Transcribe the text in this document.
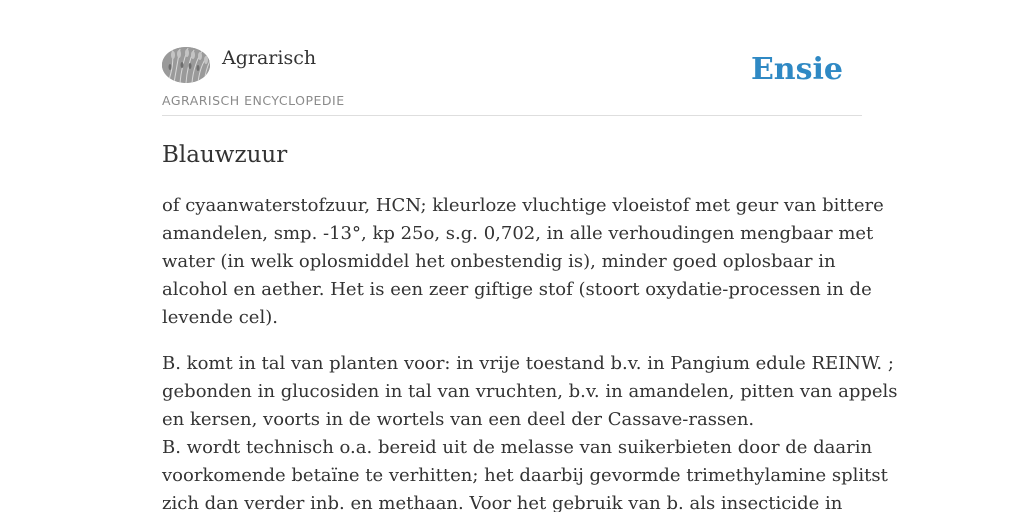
Agrarisch
AGRARISCH ENCYCLOPEDIE
Ensie
Blauwzuur

of cyaanwaterstofzuur, HCN; kleurloze vluchtige vloeistof met geur van bittere
amandelen, smp. -13°, kp 25o, s.g. 0,702, in alle verhoudingen mengbaar met
water (in welk oplosmiddel het onbestendig is), minder goed oplosbaar in
alcohol en aether. Het is een zeer giftige stof (stoort oxydatie-processen in de
levende cel).

B. komt in tal van planten voor: in vrije toestand b.v. in Pangium edule REINW. ;
gebonden in glucosiden in tal van vruchten, b.v. in amandelen, pitten van appels
en kersen, voorts in de wortels van een deel der Cassave-rassen.
B. wordt technisch o.a. bereid uit de melasse van suikerbieten door de daarin
voorkomende betaïne te verhitten; het daarbij gevormde trimethylamine splitst
zich dan verder inb. en methaan. Voor het gebruik van b. als insecticide in
